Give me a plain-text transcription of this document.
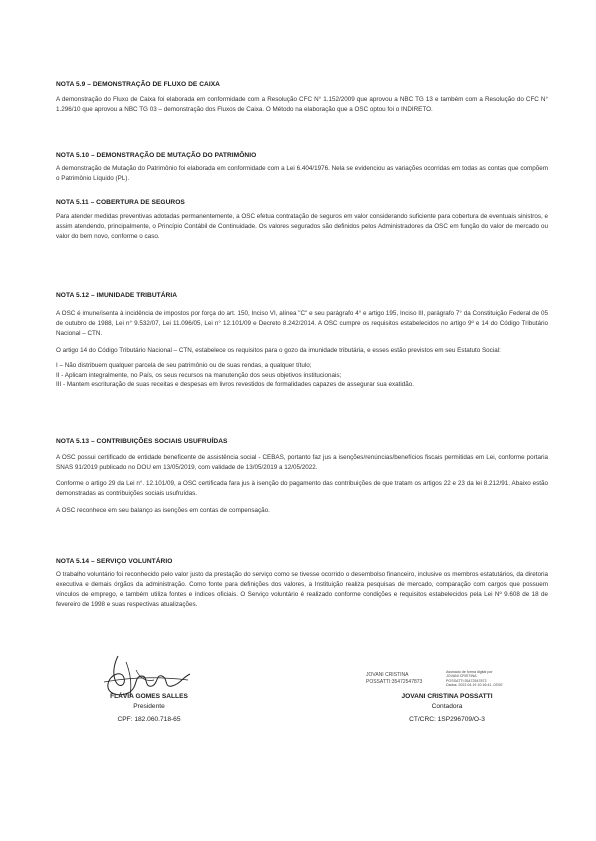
NOTA 5.9 – DEMONSTRAÇÃO DE FLUXO DE CAIXA

A demonstração do Fluxo de Caixa foi elaborada em conformidade com a Resolução CFC N° 1.152/2009 que aprovou a NBC TG 13 e também com a Resolução do CFC N° 1.296/10 que aprovou a NBC TG 03 – demonstração dos Fluxos de Caixa. O Método na elaboração que a OSC optou foi o INDIRETO.

NOTA 5.10 – DEMONSTRAÇÃO DE MUTAÇÃO DO PATRIMÔNIO

A demonstração de Mutação do Patrimônio foi elaborada em conformidade com a Lei 6.404/1976. Nela se evidenciou as variações ocorridas em todas as contas que compõem o Patrimônio Líquido (PL).

NOTA 5.11 – COBERTURA DE SEGUROS

Para atender medidas preventivas adotadas permanentemente, a OSC efetua contratação de seguros em valor considerando suficiente para cobertura de eventuais sinistros, e assim atendendo, principalmente, o Princípio Contábil de Continuidade. Os valores segurados são definidos pelos Administradores da OSC em função do valor de mercado ou valor do bem novo, conforme o caso.

NOTA 5.12 – IMUNIDADE TRIBUTÁRIA

A OSC é imune/isenta à incidência de impostos por força do art. 150, Inciso VI, alínea "C" e seu parágrafo 4° e artigo 195, Inciso III, parágrafo 7° da Constituição Federal de 05 de outubro de 1988, Lei n° 9.532/07, Lei 11.096/05, Lei n° 12.101/09 e Decreto 8.242/2014. A OSC cumpre os requisitos estabelecidos no artigo 9º e 14 do Código Tributário Nacional – CTN.

O artigo 14 do Código Tributário Nacional – CTN, estabelece os requisitos para o gozo da imunidade tributária, e esses estão previstos em seu Estatuto Social:

I – Não distribuem qualquer parcela de seu patrimônio ou de suas rendas, a qualquer título;

II - Aplicam integralmente, no País, os seus recursos na manutenção dos seus objetivos institucionais;

III - Mantem escrituração de suas receitas e despesas em livros revestidos de formalidades capazes de assegurar sua exatidão.

NOTA 5.13 – CONTRIBUIÇÕES SOCIAIS USUFRUÍDAS

A OSC possui certificado de entidade beneficente de assistência social - CEBAS, portanto faz jus a isenções/renúncias/benefícios fiscais permitidas em Lei, conforme portaria SNAS 91/2019 publicado no DOU em 13/05/2019, com validade de 13/05/2019 a 12/05/2022.

Conforme o artigo 29 da Lei n°. 12.101/09, a OSC certificada fara jus à isenção do pagamento das contribuições de que tratam os artigos 22 e 23 da lei 8.212/91. Abaixo estão demonstradas as contribuições sociais usufruídas.

A OSC reconhece em seu balanço as isenções em contas de compensação.

NOTA 5.14 – SERVIÇO VOLUNTÁRIO

O trabalho voluntário foi reconhecido pelo valor justo da prestação do serviço como se tivesse ocorrido o desembolso financeiro, inclusive os membros estatutários, da diretoria executiva e demais órgãos da administração. Como fonte para definições dos valores, a Instituição realiza pesquisas de mercado, comparação com cargos que possuem vínculos de emprego, e também utiliza fontes e índices oficiais. O Serviço voluntário é realizado conforme condições e requisitos estabelecidos pela Lei Nº 9.608 de 18 de fevereiro de 1998 e suas respectivas atualizações.

FLÁVIA GOMES SALLES
Presidente
CPF: 182.060.718-65
JOVANI CRISTINA
POSSATTI:35472547873
Assinado de forma digital por
JOVANI CRISTINA
POSSATTI:35472547873
Dados: 2022.04.19 10:16:41 -03'00'
JOVANI CRISTINA POSSATTI
Contadora
CT/CRC: 1SP296709/O-3
